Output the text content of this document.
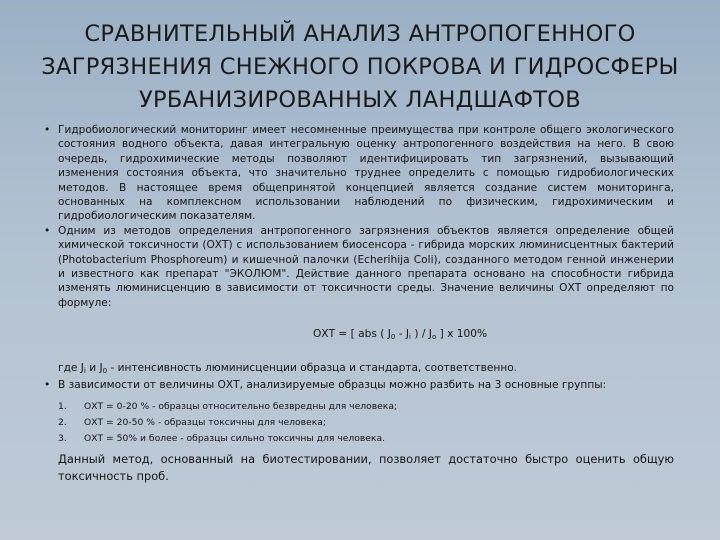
СРАВНИТЕЛЬНЫЙ АНАЛИЗ АНТРОПОГЕННОГО
ЗАГРЯЗНЕНИЯ СНЕЖНОГО ПОКРОВА И ГИДРОСФЕРЫ
УРБАНИЗИРОВАННЫХ ЛАНДШАФТОВ
• Гидробиологический мониторинг имеет несомненные преимущества при контроле общего экологического состояния водного объекта, давая интегральную оценку антропогенного воздействия на него. В свою очередь, гидрохимические методы позволяют идентифицировать тип загрязнений, вызывающий изменения состояния объекта, что значительно труднее определить с помощью гидробиологических методов. В настоящее время общепринятой концепцией является создание систем мониторинга, основанных на комплексном использовании наблюдений по физическим, гидрохимическим и гидробиологическим показателям.
• Одним из методов определения антропогенного загрязнения объектов является определение общей химической токсичности (ОХТ) с использованием биосенсора - гибрида морских люминисцентных бактерий (Photobacterium Phosphoreum) и кишечной палочки (Echerihija Coli), созданного методом генной инженерии и известного как препарат "ЭКОЛЮМ". Действие данного препарата основано на способности гибрида изменять люминисценцию в зависимости от токсичности среды. Значение величины ОХТ определяют по формуле:
ОХТ = [ abs ( $J_0 - J_i$ ) / $J_o$ ] x 100%
где $J_i$ и $J_0$ - интенсивность люминисценции образца и стандарта, соответственно.
• В зависимости от величины ОХТ, анализируемые образцы можно разбить на 3 основные группы:
1. ОХТ = 0-20 % - образцы относительно безвредны для человека;
2. ОХТ = 20-50 % - образцы токсичны для человека;
3. ОХТ = 50% и более - образцы сильно токсичны для человека.
Данный метод, основанный на биотестировании, позволяет достаточно быстро оценить общую токсичность проб.
